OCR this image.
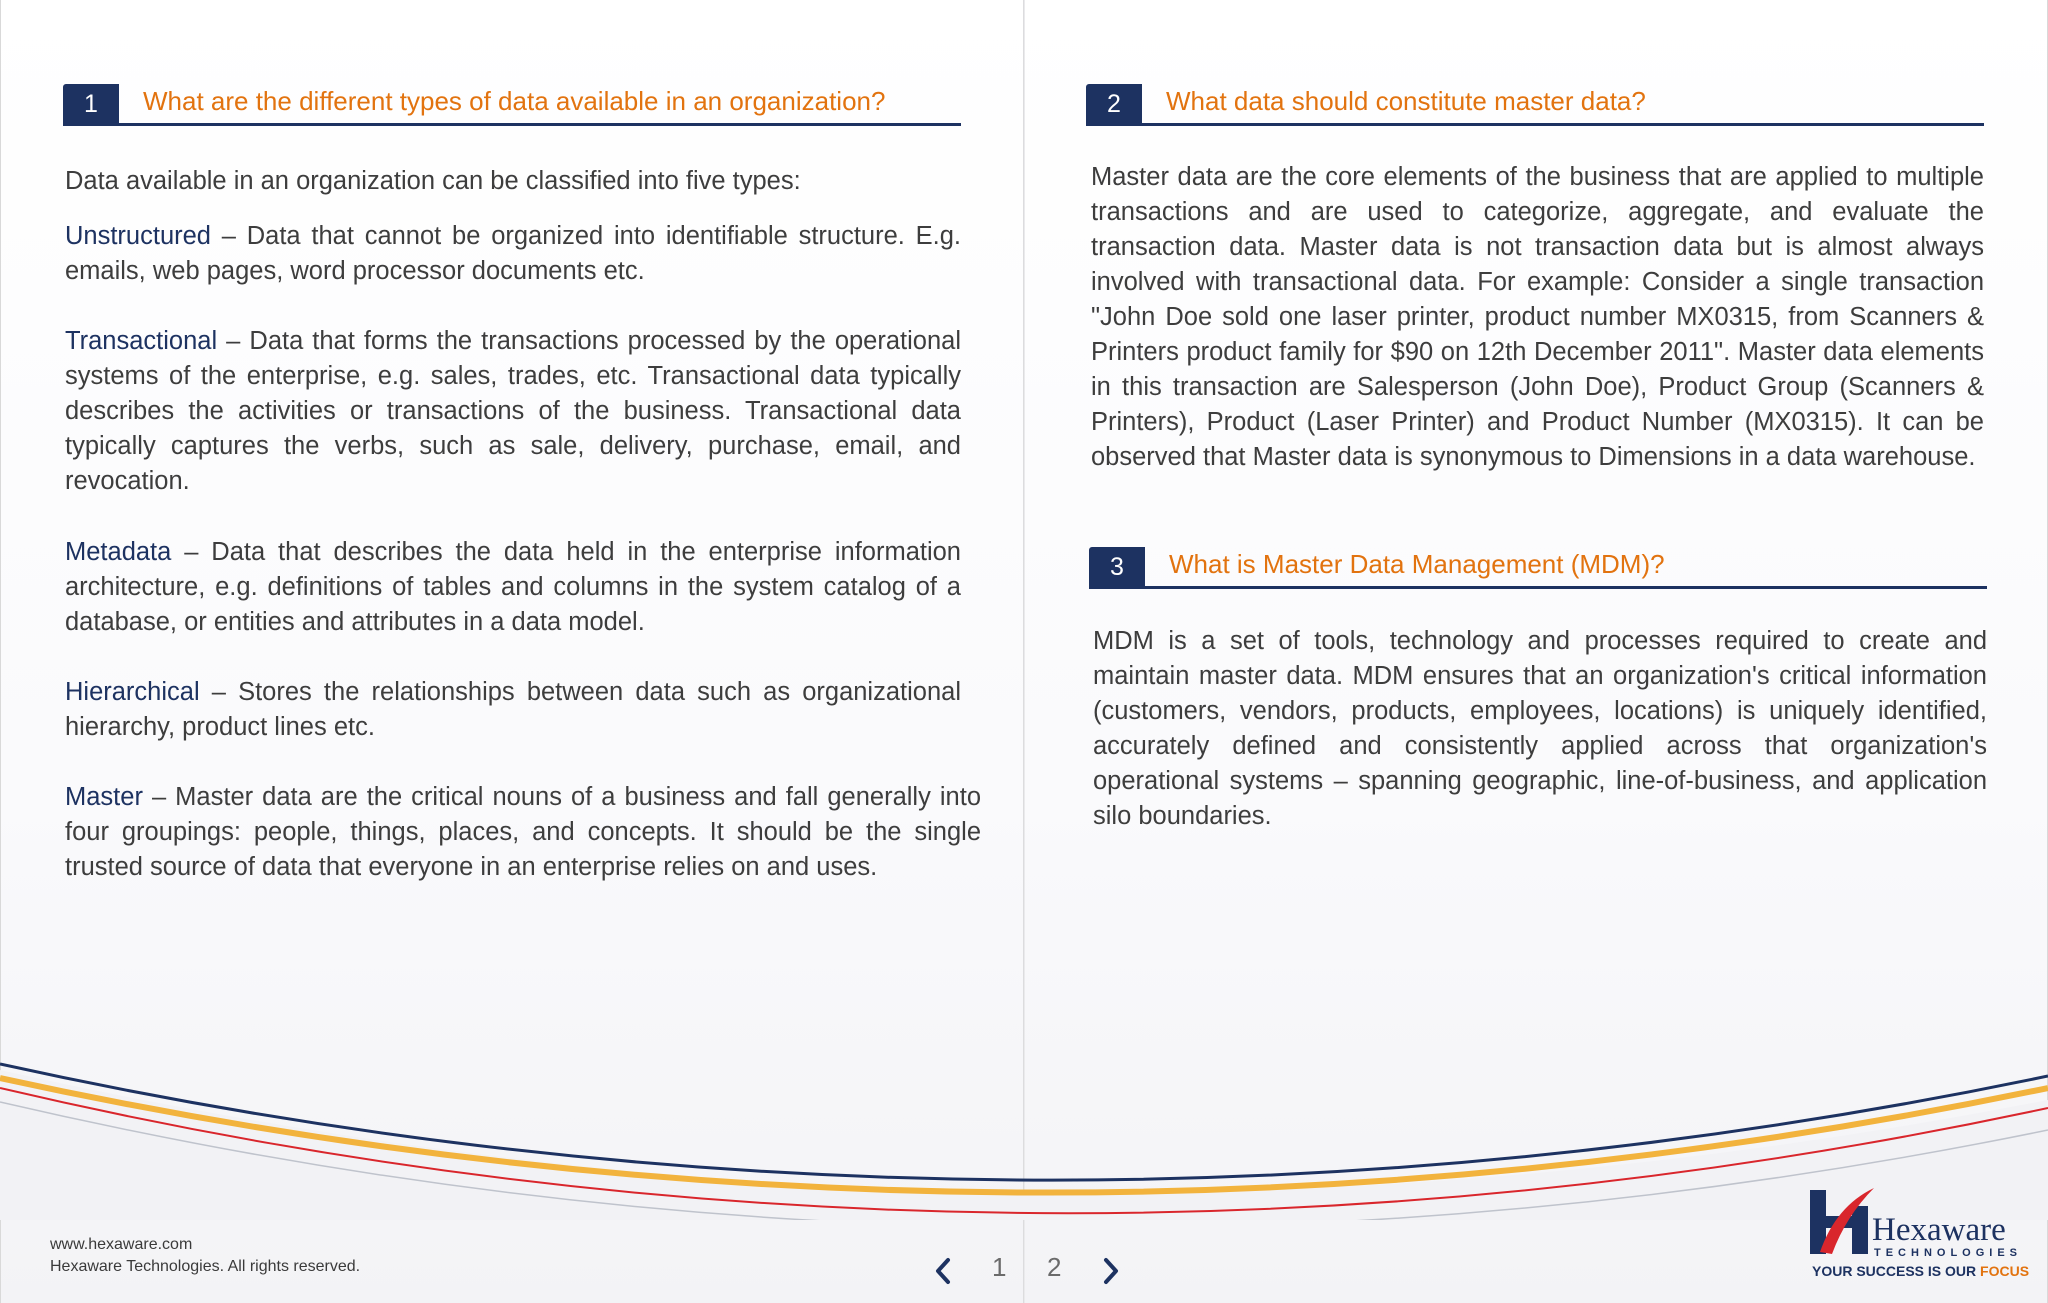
1	What are the different types of data available in an organization?

Data available in an organization can be classified into five types:

Unstructured – Data that cannot be organized into identifiable structure. E.g. emails, web pages, word processor documents etc.

Transactional – Data that forms the transactions processed by the operational systems of the enterprise, e.g. sales, trades, etc. Transactional data typically describes the activities or transactions of the business. Transactional data typically captures the verbs, such as sale, delivery, purchase, email, and revocation.

Metadata – Data that describes the data held in the enterprise information architecture, e.g. definitions of tables and columns in the system catalog of a database, or entities and attributes in a data model.

Hierarchical – Stores the relationships between data such as organizational hierarchy, product lines etc.

Master – Master data are the critical nouns of a business and fall generally into four groupings: people, things, places, and concepts. It should be the single trusted source of data that everyone in an enterprise relies on and uses.

2	What data should constitute master data?

Master data are the core elements of the business that are applied to multiple transactions and are used to categorize, aggregate, and evaluate the transaction data. Master data is not transaction data but is almost always involved with transactional data. For example: Consider a single transaction "John Doe sold one laser printer, product number MX0315, from Scanners & Printers product family for $90 on 12th December 2011". Master data elements in this transaction are Salesperson (John Doe), Product Group (Scanners & Printers), Product (Laser Printer) and Product Number (MX0315). It can be observed that Master data is synonymous to Dimensions in a data warehouse.

3	What is Master Data Management (MDM)?

MDM is a set of tools, technology and processes required to create and maintain master data. MDM ensures that an organization's critical information (customers, vendors, products, employees, locations) is uniquely identified, accurately defined and consistently applied across that organization's operational systems – spanning geographic, line-of-business, and application silo boundaries.

www.hexaware.com
Hexaware Technologies. All rights reserved.	1 2
Hexaware
TECHNOLOGIES
YOUR SUCCESS IS OUR FOCUS
